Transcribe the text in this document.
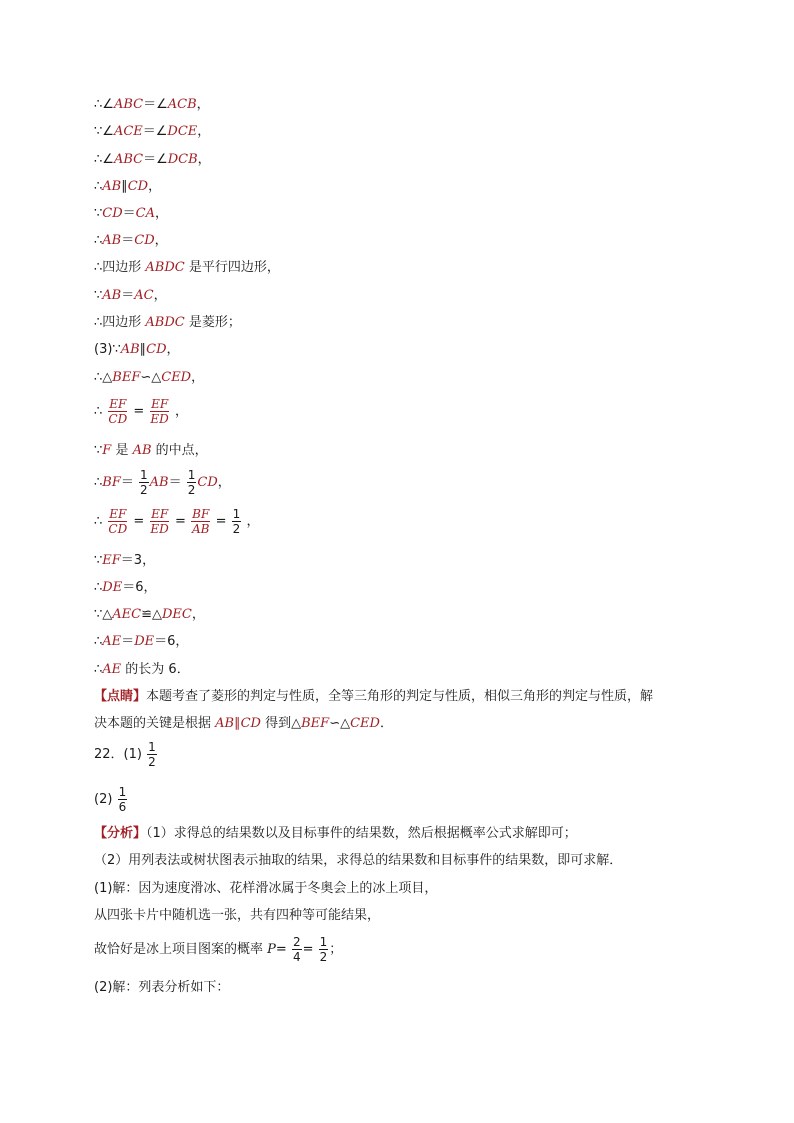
∴∠ABC＝∠ACB，
∵∠ACE＝∠DCE，
∴∠ABC＝∠DCB，
∴AB∥CD，
∵CD＝CA，
∴AB＝CD，
∴四边形 ABDC 是平行四边形，
∵AB＝AC，
∴四边形 ABDC 是菱形；
(3)∵AB∥CD，
∴△BEF∽△CED，
∴ $\frac{EF}{CD} = \frac{EF}{ED}$ ，
∵F 是 AB 的中点，
∴BF＝ $\frac{1}{2} AB= \frac{1}{2}$ CD，
∴ $\frac{EF}{CD} = \frac{EF}{ED} = \frac{BF}{AB} = \frac{1}{2}$ ，
∵EF＝3，
∴DE＝6，
∵△AEC≌△DEC，
∴AE＝DE＝6，
∴AE 的长为 6．
【点睛】本题考查了菱形的判定与性质，全等三角形的判定与性质，相似三角形的判定与性质，解
决本题的关键是根据 AB∥CD 得到△BEF∽△CED．
22．$(1) \frac{1}{2}$
$(2) \frac{1}{6}$
【分析】（1）求得总的结果数以及目标事件的结果数，然后根据概率公式求解即可；
（2）用列表法或树状图表示抽取的结果，求得总的结果数和目标事件的结果数，即可求解．
(1)解：因为速度滑冰、花样滑冰属于冬奥会上的冰上项目，
从四张卡片中随机选一张，共有四种等可能结果，
故恰好是冰上项目图案的概率 $P= \frac{2}{4} = \frac{1}{2}$ ；
(2)解：列表分析如下：
